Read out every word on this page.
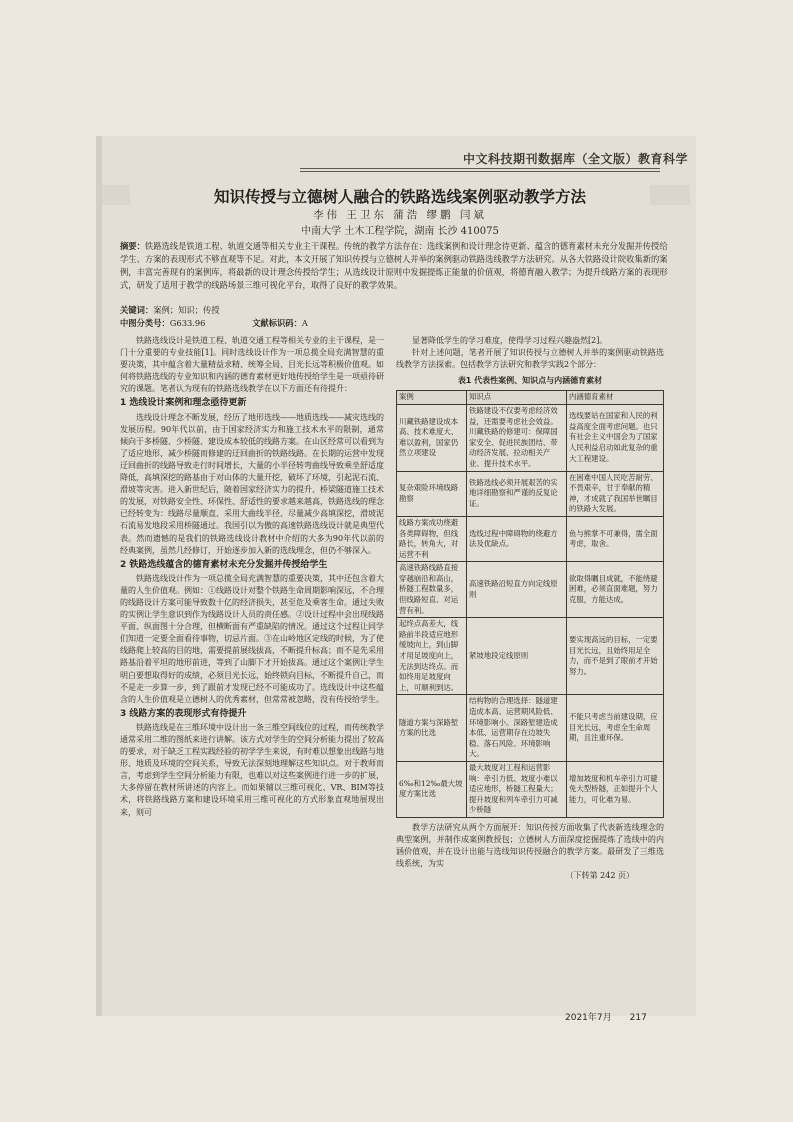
中文科技期刊数据库（全文版）教育科学
知识传授与立德树人融合的铁路选线案例驱动教学方法
李伟 王卫东 蒲浩 缪鹏 闫斌
中南大学 土木工程学院，湖南 长沙 410075
摘要：铁路选线是铁道工程、轨道交通等相关专业主干课程。传统的教学方法存在：选线案例和设计理念待更新、蕴含的德育素材未充分发掘并传授给学生、方案的表现形式不够直观等不足。对此，本文开展了知识传授与立德树人并举的案例驱动铁路选线教学方法研究。从各大铁路设计院收集新的案例，丰富完善现有的案例库，将最新的设计理念传授给学生；从选线设计原则中发掘提炼正能量的价值观，将德育融入教学；为提升线路方案的表现形式，研发了适用于教学的线路场景三维可视化平台，取得了良好的教学效果。
关键词：案例；知识；传授
中图分类号：G633.96	文献标识码：A

铁路选线设计是铁道工程、轨道交通工程等相关专业的主干课程，是一门十分重要的专业技能[1]。同时选线设计作为一项总揽全局充满智慧的重要决策，其中蕴含着大量精益求精、统筹全局、目光长远等积极价值观。如何将铁路选线的专业知识和内涵的德育素材更好地传授给学生是一项亟待研究的课题。笔者认为现有的铁路选线教学在以下方面还有待提升：

1 选线设计案例和理念亟待更新

选线设计理念不断发展，经历了地形选线——地质选线——减灾选线的发展历程。90年代以前，由于国家经济实力和施工技术水平的限制，通常倾向于多桥隧、少桥隧、建设成本较低的线路方案。在山区经常可以看到为了适应地形，减少桥隧而修建的迂回曲折的铁路线路。在长期的运营中发现迂回曲折的线路导致走行时间增长，大量的小半径转弯曲线导致乘坐舒适度降低，高填深挖的路基由于对山体的大量开挖，破坏了环境，引起泥石流、滑坡等灾害。进入新世纪后，随着国家经济实力的提升、桥梁隧道施工技术的发展，对铁路安全性、环保性、舒适性的要求越来越高，铁路选线的理念已经转变为：线路尽量顺直、采用大曲线半径、尽量减少高填深挖，滑坡泥石流易发地段采用桥隧通过。我国引以为傲的高速铁路选线设计就是典型代表。然而遗憾的是我们的铁路选线设计教材中介绍的大多为90年代以前的经典案例，虽然几经修订，开始逐步加入新的选线理念，但仍不够深入。

2 铁路选线蕴含的德育素材未充分发掘并传授给学生

铁路选线设计作为一项总揽全局充满智慧的重要决策，其中还包含着大量的人生价值观。例如：①线路设计对整个铁路生命周期影响深远，不合理的线路设计方案可能导致数十亿的经济损失，甚至危及乘客生命。通过失败的实例让学生意识到作为线路设计人员的责任感。②设计过程中会出现线路平面、纵面图十分合理，但横断面有严重缺陷的情况。通过这个过程让同学们知道一定要全面看待事物，切忌片面。③在山岭地区定线的时候，为了使线路爬上较高的目的地，需要提前展线拔高，不断提升标高；而不是先采用路基沿着平坦的地形前进，等到了山脚下才开始拔高。通过这个案例让学生明白要想取得好的成绩，必须目光长远，始终锁向目标，不断提升自己，而不是走一步算一步，到了跟前才发现已经不可能成功了。选线设计中这些蕴含的人生价值观是立德树人的优秀素材，但常常被忽略，没有传授给学生。

3 线路方案的表现形式有待提升

铁路选线是在三维环境中设计出一条三维空间线位的过程，而传统教学通常采用二维的图纸来进行讲解。该方式对学生的空间分析能力提出了较高的要求，对于缺乏工程实践经验的初学学生来说，有时难以想象出线路与地形、地质及环境的空间关系，导致无法深刻地理解这些知识点。对于教师而言，考虑到学生空间分析能力有限，也难以对这些案例进行进一步的扩展，大多停留在教材所讲述的内容上。而如果辅以三维可视化、VR、BIM等技术，将铁路线路方案和建设环境采用三维可视化的方式形象直观地展现出来，则可

显著降低学生的学习难度，使得学习过程兴趣盎然[2]。

针对上述问题，笔者开展了知识传授与立德树人并举的案例驱动铁路选线教学方法探索。包括教学方法研究和教学实践2个部分：

表1 代表性案例、知识点与内涵德育素材
案例	知识点	内涵德育素材
川藏铁路建设成本高、技术难度大、难以盈利，国家仍然立项建设	铁路建设不仅要考虑经济效益，还需要考虑社会效益。川藏铁路的修建可：保障国家安全、促进民族团结、带动经济发展、拉动相关产业、提升技术水平。	选线要站在国家和人民的利益高度全面考虑问题。也只有社会主义中国会为了国家人民利益启动如此复杂的重大工程建设。
复杂艰险环境线路勘察	铁路选线必须开展艰苦的实地详细勘察和严谨的反复论证。	在困难中国人民吃苦耐劳、不畏艰辛，甘于奉献的精神，才成就了我国举世瞩目的铁路大发展。
线路方案成功绕避各类障碍物，但线路长，转角大，对运营不利	选线过程中障碍物的绕避方法及优缺点。	鱼与熊掌不可兼得，需全面考虑，取舍。
高速铁路线路直接穿越崩沿和高山，桥隧工程数量多，但线路短直、对运营有利。	高速铁路沿短直方向定线原则	欲取得瞩目成就，不能绕避困难，必须直面难题，努力克服，方能达成。
起终点高差大，线路前半段适应地形缓坡向上，到山脚才用足坡度向上，无法到达终点。而如终用足坡度向上，可顺利到达。	紧坡地段定线原则	要实现高远的目标，一定要目光长远，且始终用足全力，而不是到了眼前才开始努力。
隧道方案与深路堑方案的比选	结构物的合理选择：隧道建造成本高、运营期风险低、环境影响小。深路堑建造成本低、运营期存在边坡失稳、落石风险、环境影响大。	不能只考虑当前建设期，应目光长远，考虑全生命周期，且注重环保。
6‰和12‰最大坡度方案比选	最大坡度对工程和运营影响：牵引力低、坡度小难以适应地形，桥隧工程量大；提升坡度和列车牵引力可减少桥隧	增加坡度和机车牵引力可避免大型桥隧，正如提升个人能力，可化难为易。

教学方法研究从两个方面展开：知识传授方面收集了代表新选线理念的典型案例，并制作成案例教授包；立德树人方面深度挖掘提炼了选线中的内涵价值观，并在设计出能与选线知识传授融合的教学方案。最研发了三维选线系统，为实

（下转第 242 页）
2021年7月 217
